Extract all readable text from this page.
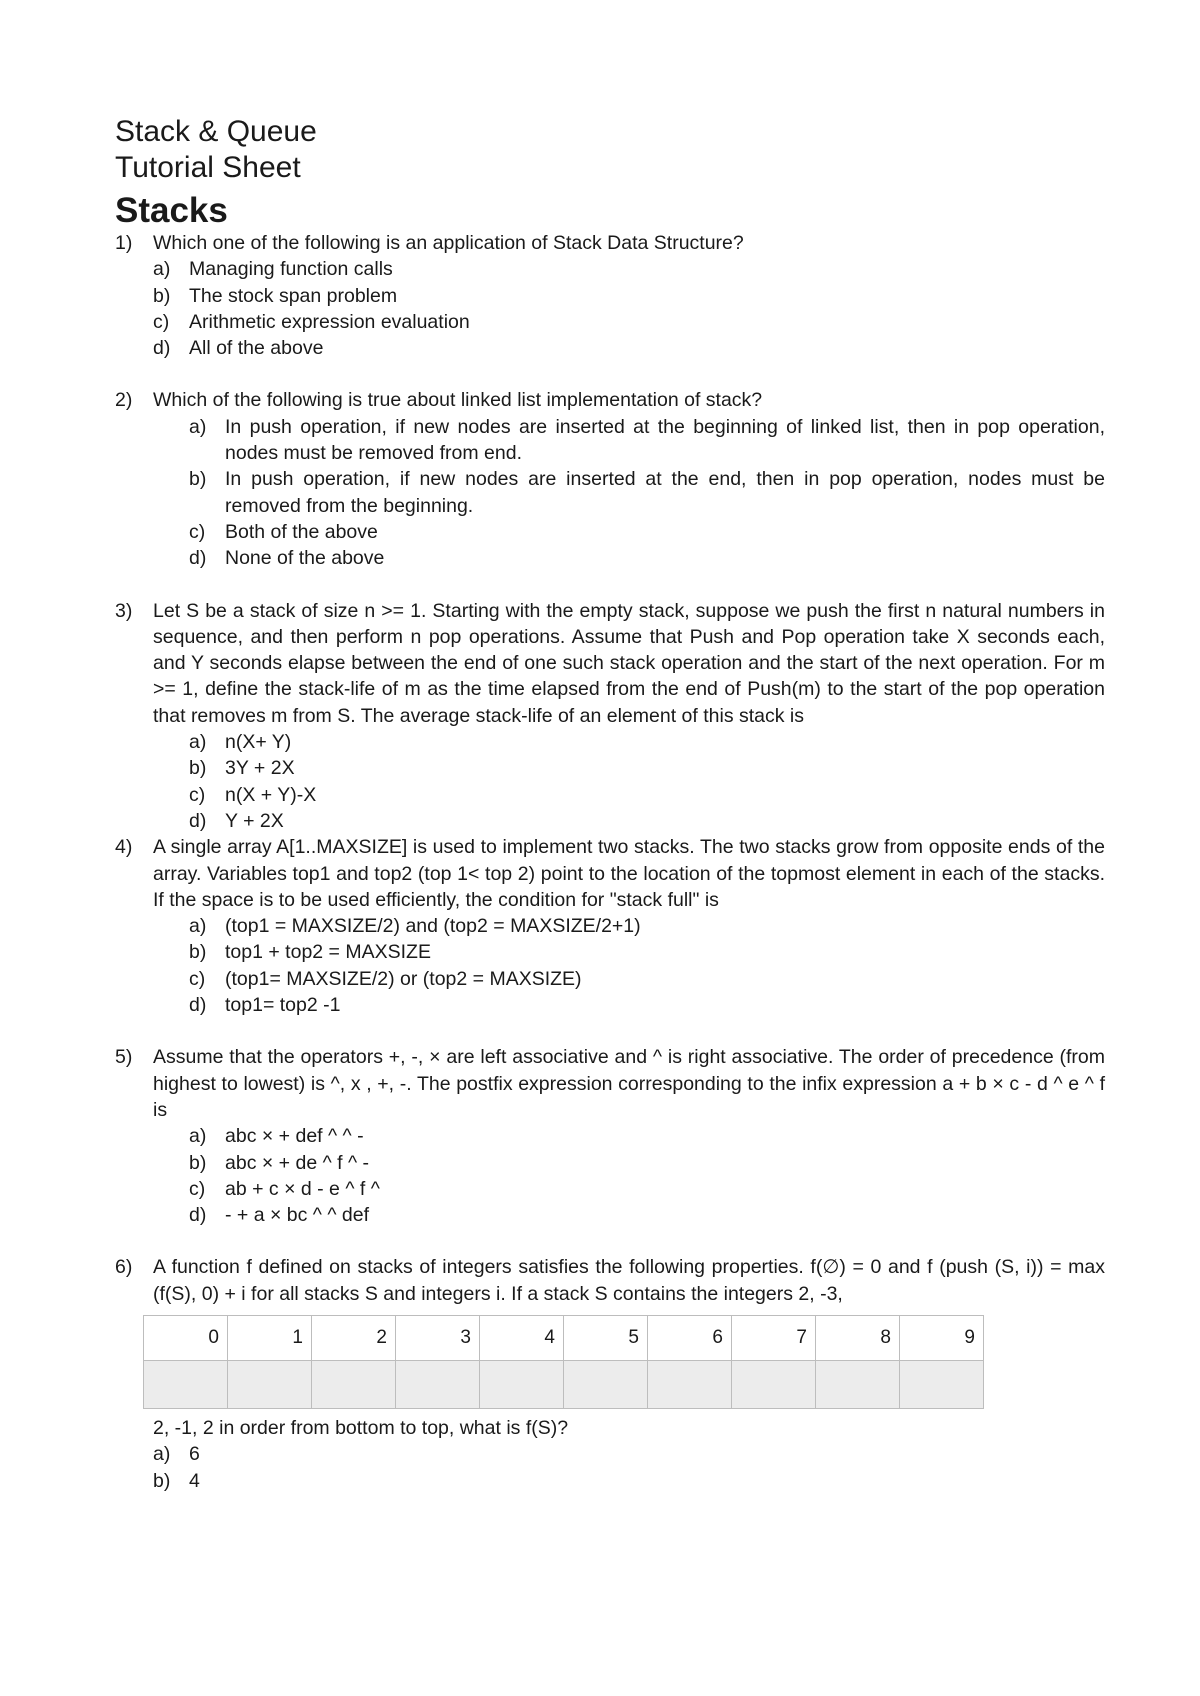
Stack & Queue
Tutorial Sheet
Stacks
1) Which one of the following is an application of Stack Data Structure?
a) Managing function calls
b) The stock span problem
c) Arithmetic expression evaluation
d) All of the above
2) Which of the following is true about linked list implementation of stack?
a) In push operation, if new nodes are inserted at the beginning of linked list, then in pop operation, nodes must be removed from end.
b) In push operation, if new nodes are inserted at the end, then in pop operation, nodes must be removed from the beginning.
c) Both of the above
d) None of the above
3) Let S be a stack of size n >= 1. Starting with the empty stack, suppose we push the first n natural numbers in sequence, and then perform n pop operations. Assume that Push and Pop operation take X seconds each, and Y seconds elapse between the end of one such stack operation and the start of the next operation. For m >= 1, define the stack-life of m as the time elapsed from the end of Push(m) to the start of the pop operation that removes m from S. The average stack-life of an element of this stack is
a) n(X+ Y)
b) 3Y + 2X
c) n(X + Y)-X
d) Y + 2X
4) A single array A[1..MAXSIZE] is used to implement two stacks. The two stacks grow from opposite ends of the array. Variables top1 and top2 (top 1< top 2) point to the location of the topmost element in each of the stacks. If the space is to be used efficiently, the condition for "stack full" is
a) (top1 = MAXSIZE/2) and (top2 = MAXSIZE/2+1)
b) top1 + top2 = MAXSIZE
c) (top1= MAXSIZE/2) or (top2 = MAXSIZE)
d) top1= top2 -1
5) Assume that the operators +, -, × are left associative and ^ is right associative. The order of precedence (from highest to lowest) is ^, x , +, -. The postfix expression corresponding to the infix expression a + b × c - d ^ e ^ f is
a) abc × + def ^ ^ -
b) abc × + de ^ f ^ -
c) ab + c × d - e ^ f ^
d) - + a × bc ^ ^ def
6) A function f defined on stacks of integers satisfies the following properties. f(∅) = 0 and f (push (S, i)) = max (f(S), 0) + i for all stacks S and integers i. If a stack S contains the integers 2, -3,
0	1	2	3	4	5	6	7	8	9

2, -1, 2 in order from bottom to top, what is f(S)?
a) 6
b) 4
